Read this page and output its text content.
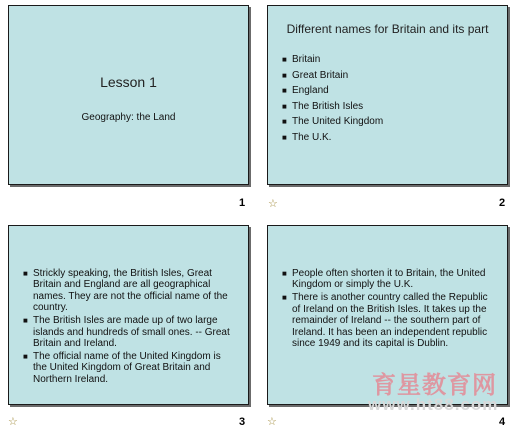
Lesson 1
Geography: the Land
1
Different names for Britain and its part
■ Britain
■ Great Britain
■ England
■ The British Isles
■ The United Kingdom
■ The U.K.
☆	2
■ Strickly speaking, the British Isles, Great Britain and England are all geographical names. They are not the official name of the country.
■ The British Isles are made up of two large islands and hundreds of small ones. -- Great Britain and Ireland.
■ The official name of the United Kingdom is the United Kingdom of Great Britain and Northern Ireland.
☆	3
■ People often shorten it to Britain, the United Kingdom or simply the U.K.
■ There is another country called the Republic of Ireland on the British Isles. It takes up the remainder of Ireland -- the southern part of Ireland. It has been an independent republic since 1949 and its capital is Dublin.
☆	4
育星教育网
www.ht88.com
